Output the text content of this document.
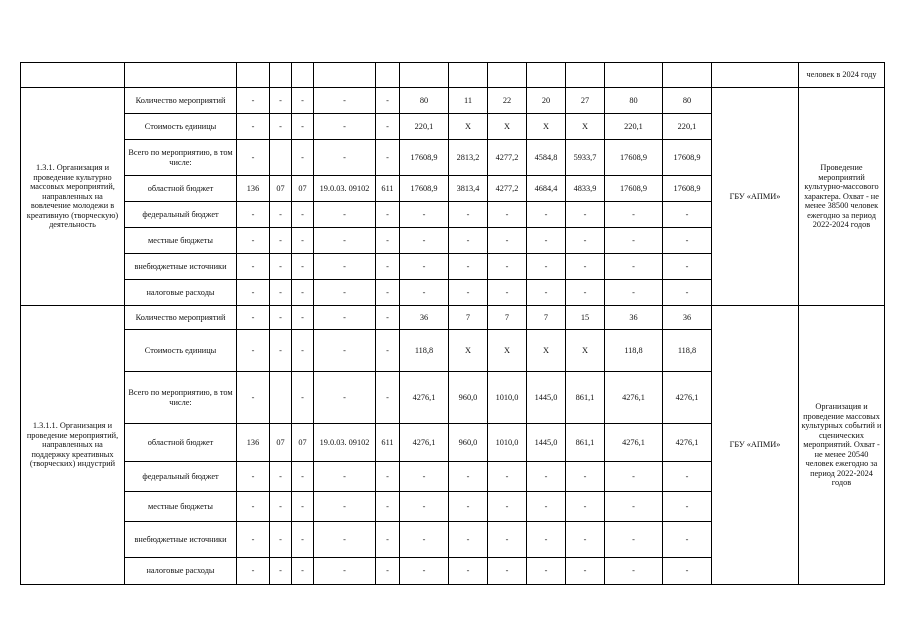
															человек в 2024 году
1.3.1. Организация и проведение культурно массовых мероприятий, направленных на вовлечение молодежи в креативную (творческую) деятельность	Количество мероприятий	-	-	-	-	-	80	11	22	20	27	80	80	ГБУ «АПМИ»	Проведение мероприятий культурно-массового характера. Охват - не менее 38500 человек ежегодно за период 2022-2024 годов
	Стоимость единицы	-	-	-	-	-	220,1	X	X	X	X	220,1	220,1		
	Всего по мероприятию, в том числе:	-		-	-	-	17608,9	2813,2	4277,2	4584,8	5933,7	17608,9	17608,9		
	областной бюджет	136	07	07	19.0.03. 09102	611	17608,9	3813,4	4277,2	4684,4	4833,9	17608,9	17608,9		
	федеральный бюджет	-	-	-	-	-	-	-	-	-	-	-	-		
	местные бюджеты	-	-	-	-	-	-	-	-	-	-	-	-		
	внебюджетные источники	-	-	-	-	-	-	-	-	-	-	-	-		
	налоговые расходы	-	-	-	-	-	-	-	-	-	-	-	-		
1.3.1.1. Организация и проведение мероприятий, направленных на поддержку креативных (творческих) индустрий	Количество мероприятий	-	-	-	-	-	36	7	7	7	15	36	36	ГБУ «АПМИ»	Организация и проведение массовых культурных событий и сценических мероприятий. Охват - не менее 20540 человек ежегодно за период 2022-2024 годов
	Стоимость единицы	-	-	-	-	-	118,8	X	X	X	X	118,8	118,8		
	Всего по мероприятию, в том числе:	-		-	-	-	4276,1	960,0	1010,0	1445,0	861,1	4276,1	4276,1		
	областной бюджет	136	07	07	19.0.03. 09102	611	4276,1	960,0	1010,0	1445,0	861,1	4276,1	4276,1		
	федеральный бюджет	-	-	-	-	-	-	-	-	-	-	-	-		
	местные бюджеты	-	-	-	-	-	-	-	-	-	-	-	-		
	внебюджетные источники	-	-	-	-	-	-	-	-	-	-	-	-		
	налоговые расходы	-	-	-	-	-	-	-	-	-	-	-	-		
